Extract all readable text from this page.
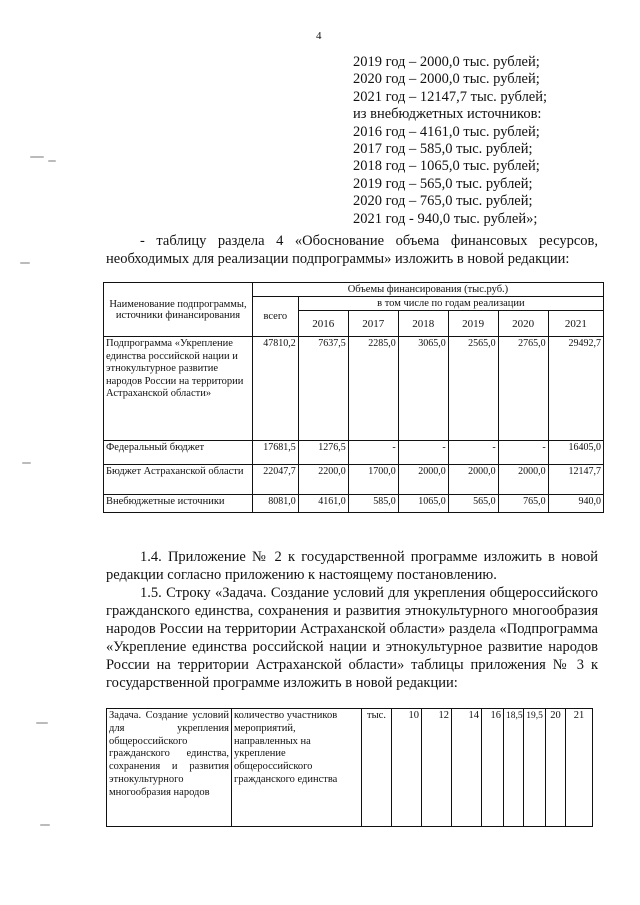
4
2019 год – 2000,0 тыс. рублей;
2020 год – 2000,0 тыс. рублей;
2021 год – 12147,7 тыс. рублей;
из внебюджетных источников:
2016 год – 4161,0 тыс. рублей;
2017 год – 585,0 тыс. рублей;
2018 год – 1065,0 тыс. рублей;
2019 год – 565,0 тыс. рублей;
2020 год – 765,0 тыс. рублей;
2021 год - 940,0 тыс. рублей»;

- таблицу раздела 4 «Обоснование объема финансовых ресурсов, необходимых для реализации подпрограммы» изложить в новой редакции:

Наименование подпрограммы, источники финансирования	Объемы финансирования (тыс.руб.)						
	всего	в том числе по годам реализации					
		2016	2017	2018	2019	2020	2021
Подпрограмма «Укрепление единства российской нации и этнокультурное развитие народов России на территории Астраханской области»	47810,2	7637,5	2285,0	3065,0	2565,0	2765,0	29492,7
Федеральный бюджет	17681,5	1276,5	-	-	-	-	16405,0
Бюджет Астраханской области	22047,7	2200,0	1700,0	2000,0	2000,0	2000,0	12147,7
Внебюджетные источники	8081,0	4161,0	585,0	1065,0	565,0	765,0	940,0

1.4. Приложение № 2 к государственной программе изложить в новой редакции согласно приложению к настоящему постановлению.

1.5. Строку «Задача. Создание условий для укрепления общероссийского гражданского единства, сохранения и развития этнокультурного многообразия народов России на территории Астраханской области» раздела «Подпрограмма «Укрепление единства российской нации и этнокультурное развитие народов России на территории Астраханской области» таблицы приложения № 3 к государственной программе изложить в новой редакции:

Задача. Создание условий для укрепления общероссийского гражданского единства, сохранения и развития этнокультурного многообразия народов	количество участников мероприятий, направленных на укрепление общероссийского гражданского единства	тыс.	10	12	14	16	18,5	19,5	20	21
